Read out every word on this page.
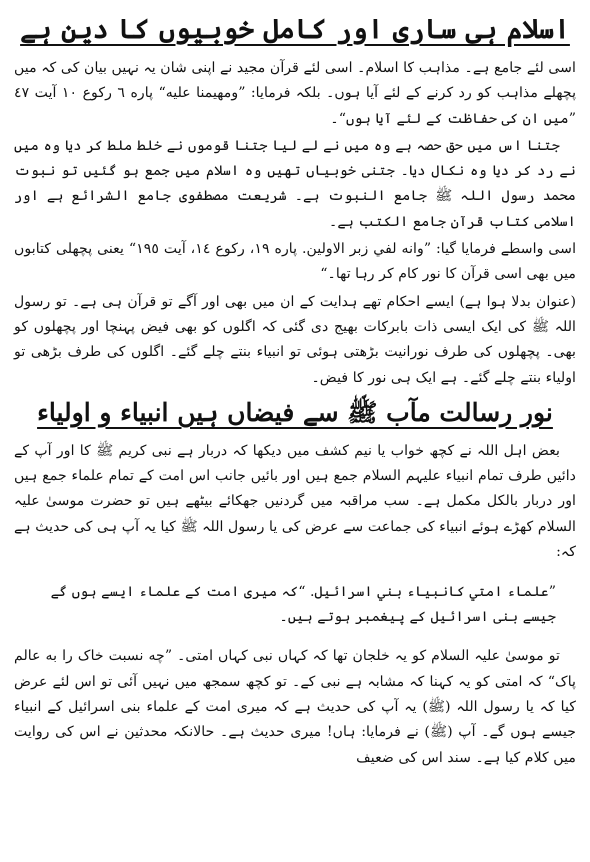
اسلام ہی ساری اور کامل خوبیوں کا دین ہے

اسی لئے جامع ہے۔ مذاہب کا اسلام۔ اسی لئے قرآن مجید نے اپنی شان یہ نہیں بیان کی کہ میں پچھلے مذاہب کو رد کرنے کے لئے آیا ہوں۔ بلکہ فرمایا: ”ومهيمنا عليه“ پاره ٦ ركوع ١٠ آيت ٤٧ ”میں ان کی حفاظت کے لئے آیا ہوں“۔

جتنا اس میں حق حصہ ہے وہ میں نے لے لیا جتنا قوموں نے خلط ملط کر دیا وہ میں نے رد کر دیا وہ نکال دیا۔ جتنی خوبیاں تھیں وہ اسلام میں جمع ہو گئیں تو نبوت محمد رسول اللہ ﷺ جامع النبوت ہے۔ شریعت مصطفوی جامع الشرائع ہے اور اسلامی کتاب قرآن جامع الکتب ہے۔

اسی واسطے فرمایا گیا: ”وانه لفي زبر الاولين. پاره ١٩، ركوع ١٤، آيت ١٩٥“ یعنی پچھلی کتابوں میں بھی اسی قرآن کا نور کام کر رہا تھا۔“

(عنوان بدلا ہوا ہے) ایسے احکام تھے ہدایت کے ان میں بھی اور آگے تو قرآن ہی ہے۔ تو رسول اللہ ﷺ کی ایک ایسی ذات بابرکات بھیج دی گئی کہ اگلوں کو بھی فیض پہنچا اور پچھلوں کو بھی۔ پچھلوں کی طرف نورانیت بڑھتی ہوئی تو انبیاء بنتے چلے گئے۔ اگلوں کی طرف بڑھی تو اولیاء بنتے چلے گئے۔ ہے ایک ہی نور کا فیض۔

نور رسالت مآب ﷺ سے فیضاں ہیں انبیاء و اولیاء

بعض اہل اللہ نے کچھ خواب یا نیم کشف میں دیکھا کہ دربار ہے نبی کریم ﷺ کا اور آپ کے دائیں طرف تمام انبیاء علیہم السلام جمع ہیں اور بائیں جانب اس امت کے تمام علماء جمع ہیں اور دربار بالکل مکمل ہے۔ سب مراقبہ میں گردنیں جھکائے بیٹھے ہیں تو حضرت موسیٰ علیہ السلام کھڑے ہوئے انبیاء کی جماعت سے عرض کی یا رسول اللہ ﷺ کیا یہ آپ ہی کی حدیث ہے کہ:

”علماء امتي كانبياء بني اسرائيل. “کہ میری امت کے علماء ایسے ہوں گے جیسے بنی اسرائیل کے پیغمبر ہوتے ہیں۔

تو موسیٰ علیہ السلام کو یہ خلجان تھا کہ کہاں نبی کہاں امتی۔ ”چه نسبت خاک را به عالم پاک“ کہ امتی کو یہ کہنا کہ مشابہ ہے نبی کے۔ تو کچھ سمجھ میں نہیں آئی تو اس لئے عرض کیا کہ یا رسول اللہ (ﷺ) یہ آپ کی حدیث ہے کہ میری امت کے علماء بنی اسرائیل کے انبیاء جیسے ہوں گے۔ آپ (ﷺ) نے فرمایا: ہاں! میری حدیث ہے۔ حالانکہ محدثین نے اس کی روایت میں کلام کیا ہے۔ سند اس کی ضعیف
